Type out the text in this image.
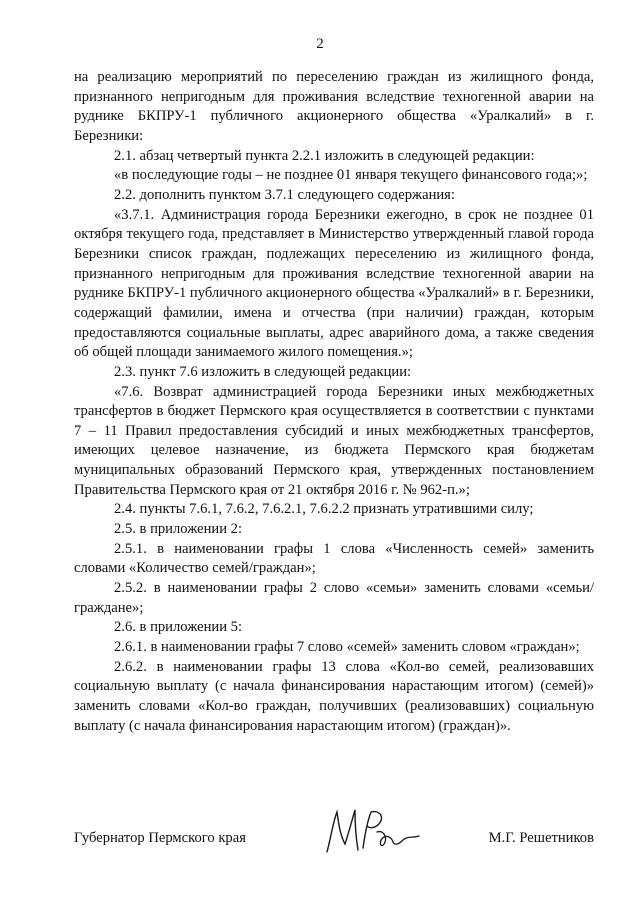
2

на реализацию мероприятий по переселению граждан из жилищного фонда, признанного непригодным для проживания вследствие техногенной аварии на руднике БКПРУ-1 публичного акционерного общества «Уралкалий» в г. Березники:

2.1. абзац четвертый пункта 2.2.1 изложить в следующей редакции:

«в последующие годы – не позднее 01 января текущего финансового года;»;

2.2. дополнить пунктом 3.7.1 следующего содержания:

«3.7.1. Администрация города Березники ежегодно, в срок не позднее 01 октября текущего года, представляет в Министерство утвержденный главой города Березники список граждан, подлежащих переселению из жилищного фонда, признанного непригодным для проживания вследствие техногенной аварии на руднике БКПРУ-1 публичного акционерного общества «Уралкалий» в г. Березники, содержащий фамилии, имена и отчества (при наличии) граждан, которым предоставляются социальные выплаты, адрес аварийного дома, а также сведения об общей площади занимаемого жилого помещения.»;

2.3. пункт 7.6 изложить в следующей редакции:

«7.6. Возврат администрацией города Березники иных межбюджетных трансфертов в бюджет Пермского края осуществляется в соответствии с пунктами 7 – 11 Правил предоставления субсидий и иных межбюджетных трансфертов, имеющих целевое назначение, из бюджета Пермского края бюджетам муниципальных образований Пермского края, утвержденных постановлением Правительства Пермского края от 21 октября 2016 г. № 962-п.»;

2.4. пункты 7.6.1, 7.6.2, 7.6.2.1, 7.6.2.2 признать утратившими силу;

2.5. в приложении 2:

2.5.1. в наименовании графы 1 слова «Численность семей» заменить словами «Количество семей/граждан»;

2.5.2. в наименовании графы 2 слово «семьи» заменить словами «семьи/граждане»;

2.6. в приложении 5:

2.6.1. в наименовании графы 7 слово «семей» заменить словом «граждан»;

2.6.2. в наименовании графы 13 слова «Кол-во семей, реализовавших социальную выплату (с начала финансирования нарастающим итогом) (семей)» заменить словами «Кол-во граждан, получивших (реализовавших) социальную выплату (с начала финансирования нарастающим итогом) (граждан)».

Губернатор Пермского края	М.Г. Решетников
